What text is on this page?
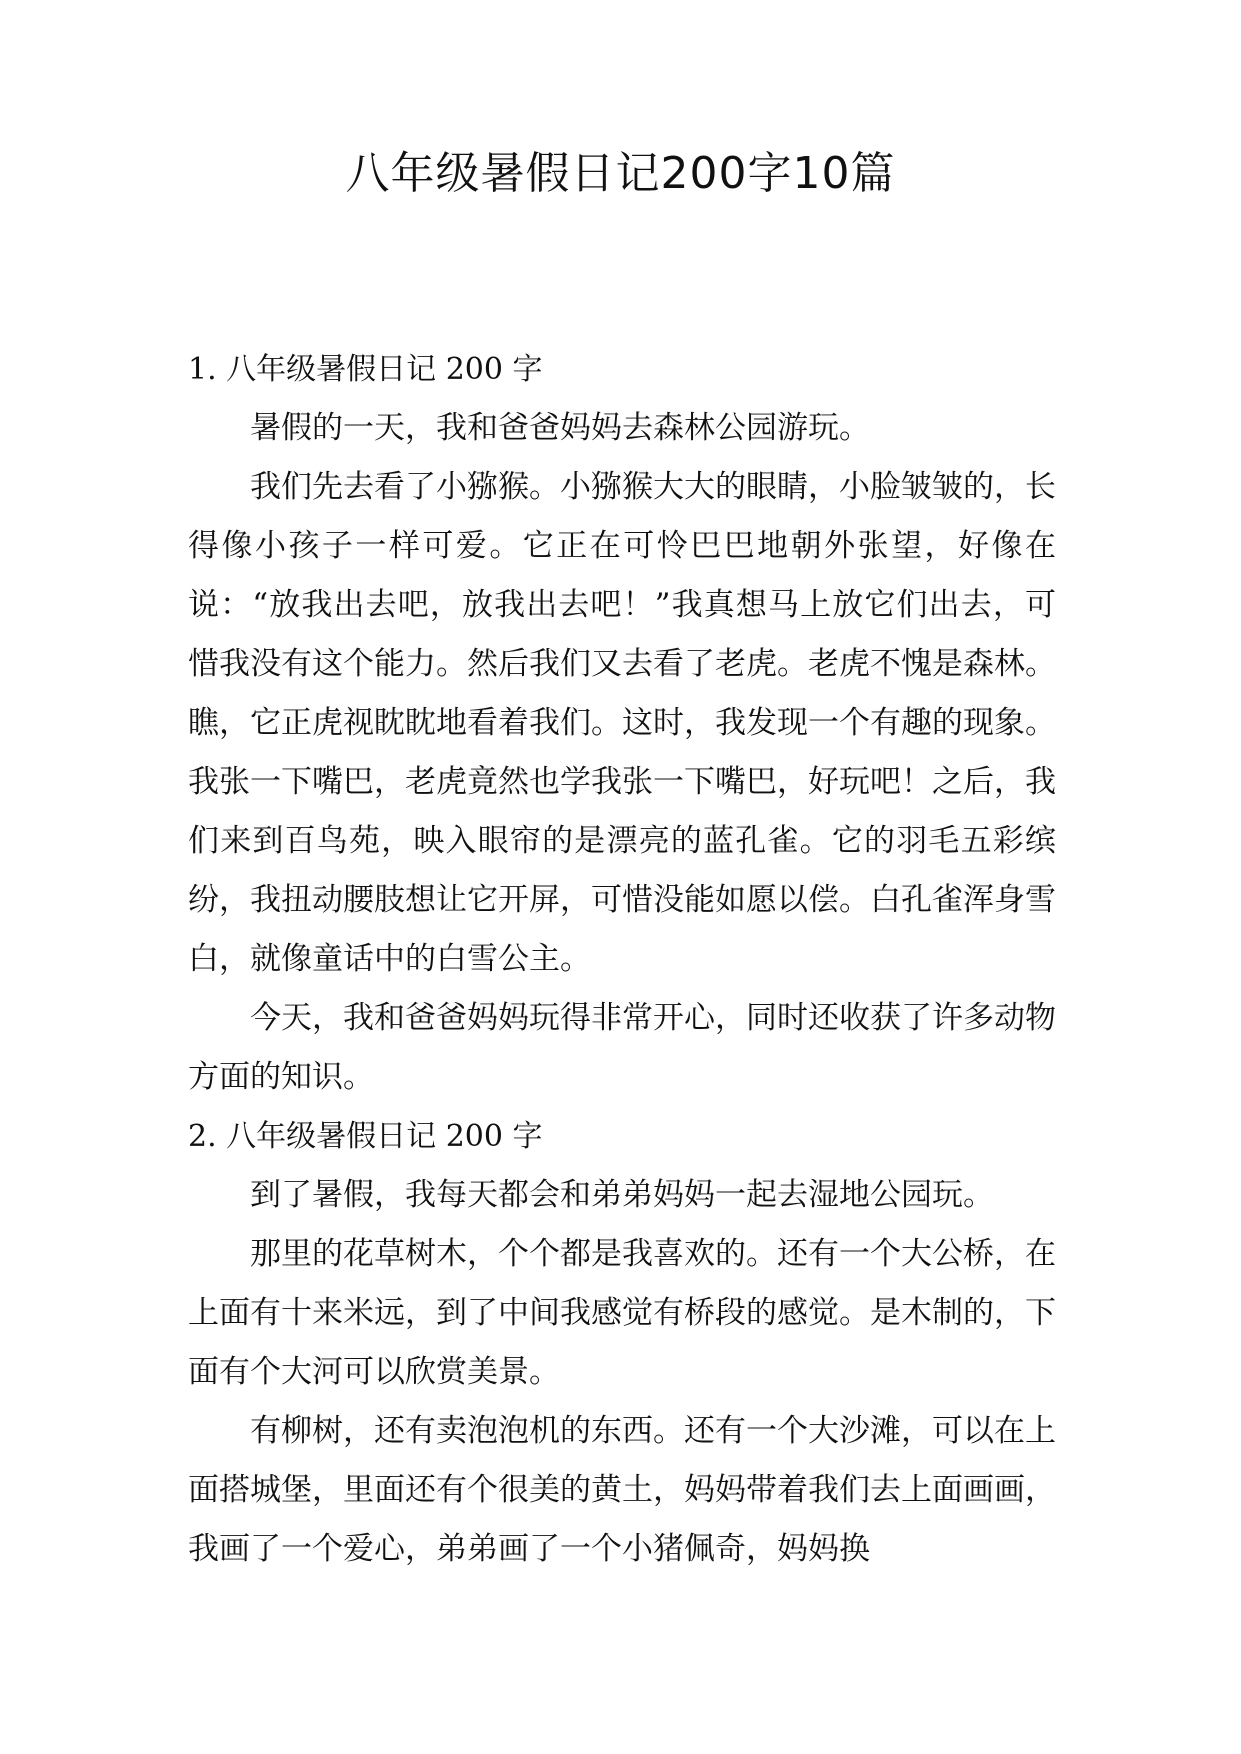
八年级暑假日记200字10篇

1. 八年级暑假日记 200 字

暑假的一天，我和爸爸妈妈去森林公园游玩。

我们先去看了小猕猴。小猕猴大大的眼睛，小脸皱皱的，长得像小孩子一样可爱。它正在可怜巴巴地朝外张望，好像在说：“放我出去吧，放我出去吧！”我真想马上放它们出去，可惜我没有这个能力。然后我们又去看了老虎。老虎不愧是森林。瞧，它正虎视眈眈地看着我们。这时，我发现一个有趣的现象。我张一下嘴巴，老虎竟然也学我张一下嘴巴，好玩吧！之后，我们来到百鸟苑，映入眼帘的是漂亮的蓝孔雀。它的羽毛五彩缤纷，我扭动腰肢想让它开屏，可惜没能如愿以偿。白孔雀浑身雪白，就像童话中的白雪公主。

今天，我和爸爸妈妈玩得非常开心，同时还收获了许多动物方面的知识。

2. 八年级暑假日记 200 字

到了暑假，我每天都会和弟弟妈妈一起去湿地公园玩。

那里的花草树木，个个都是我喜欢的。还有一个大公桥，在上面有十来米远，到了中间我感觉有桥段的感觉。是木制的，下面有个大河可以欣赏美景。

有柳树，还有卖泡泡机的东西。还有一个大沙滩，可以在上面搭城堡，里面还有个很美的黄土，妈妈带着我们去上面画画，我画了一个爱心，弟弟画了一个小猪佩奇，妈妈换
